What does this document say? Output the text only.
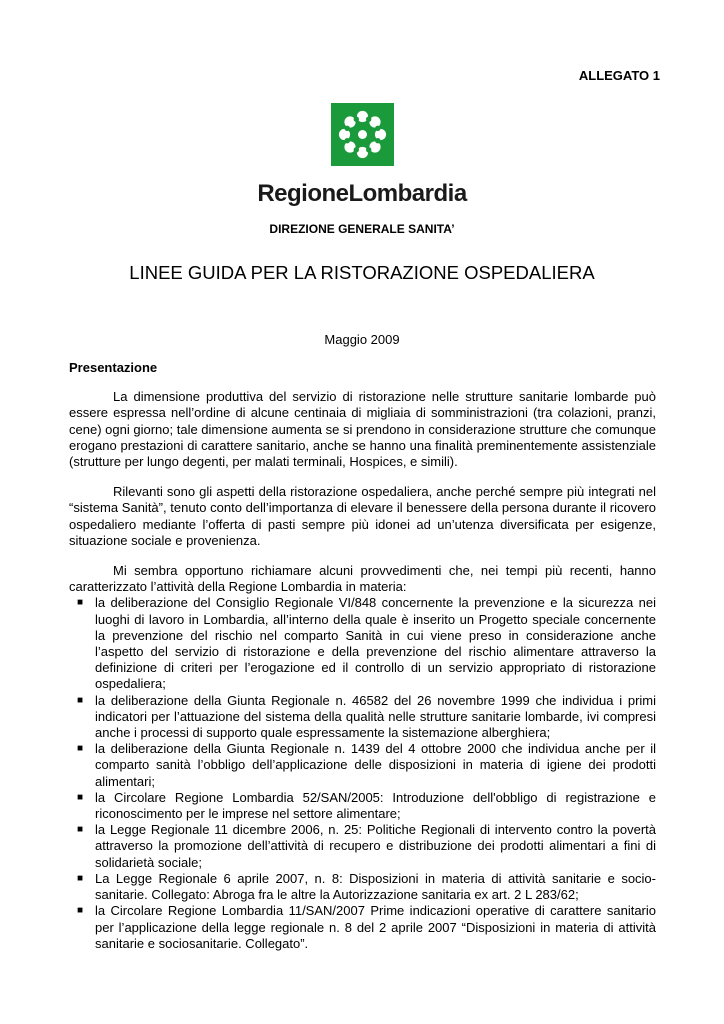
ALLEGATO 1
RegioneLombardia
DIREZIONE GENERALE SANITA’
LINEE GUIDA PER LA RISTORAZIONE OSPEDALIERA
Maggio 2009

Presentazione

La dimensione produttiva del servizio di ristorazione nelle strutture sanitarie lombarde può essere espressa nell’ordine di alcune centinaia di migliaia di somministrazioni (tra colazioni, pranzi, cene) ogni giorno; tale dimensione aumenta se si prendono in considerazione strutture che comunque erogano prestazioni di carattere sanitario, anche se hanno una finalità preminentemente assistenziale (strutture per lungo degenti, per malati terminali, Hospices, e simili).

Rilevanti sono gli aspetti della ristorazione ospedaliera, anche perché sempre più integrati nel “sistema Sanità”, tenuto conto dell’importanza di elevare il benessere della persona durante il ricovero ospedaliero mediante l’offerta di pasti sempre più idonei ad un’utenza diversificata per esigenze, situazione sociale e provenienza.

Mi sembra opportuno richiamare alcuni provvedimenti che, nei tempi più recenti, hanno caratterizzato l’attività della Regione Lombardia in materia:

■ la deliberazione del Consiglio Regionale VI/848 concernente la prevenzione e la sicurezza nei luoghi di lavoro in Lombardia, all’interno della quale è inserito un Progetto speciale concernente la prevenzione del rischio nel comparto Sanità in cui viene preso in considerazione anche l’aspetto del servizio di ristorazione e della prevenzione del rischio alimentare attraverso la definizione di criteri per l’erogazione ed il controllo di un servizio appropriato di ristorazione ospedaliera;
■ la deliberazione della Giunta Regionale n. 46582 del 26 novembre 1999 che individua i primi indicatori per l’attuazione del sistema della qualità nelle strutture sanitarie lombarde, ivi compresi anche i processi di supporto quale espressamente la sistemazione alberghiera;
■ la deliberazione della Giunta Regionale n. 1439 del 4 ottobre 2000 che individua anche per il comparto sanità l’obbligo dell’applicazione delle disposizioni in materia di igiene dei prodotti alimentari;
■ la Circolare Regione Lombardia 52/SAN/2005: Introduzione dell'obbligo di registrazione e riconoscimento per le imprese nel settore alimentare;
■ la Legge Regionale 11 dicembre 2006, n. 25: Politiche Regionali di intervento contro la povertà attraverso la promozione dell’attività di recupero e distribuzione dei prodotti alimentari a fini di solidarietà sociale;
■ La Legge Regionale 6 aprile 2007, n. 8: Disposizioni in materia di attività sanitarie e socio-sanitarie. Collegato: Abroga fra le altre la Autorizzazione sanitaria ex art. 2 L 283/62;
■ la Circolare Regione Lombardia 11/SAN/2007 Prime indicazioni operative di carattere sanitario per l’applicazione della legge regionale n. 8 del 2 aprile 2007 “Disposizioni in materia di attività sanitarie e sociosanitarie. Collegato”.
